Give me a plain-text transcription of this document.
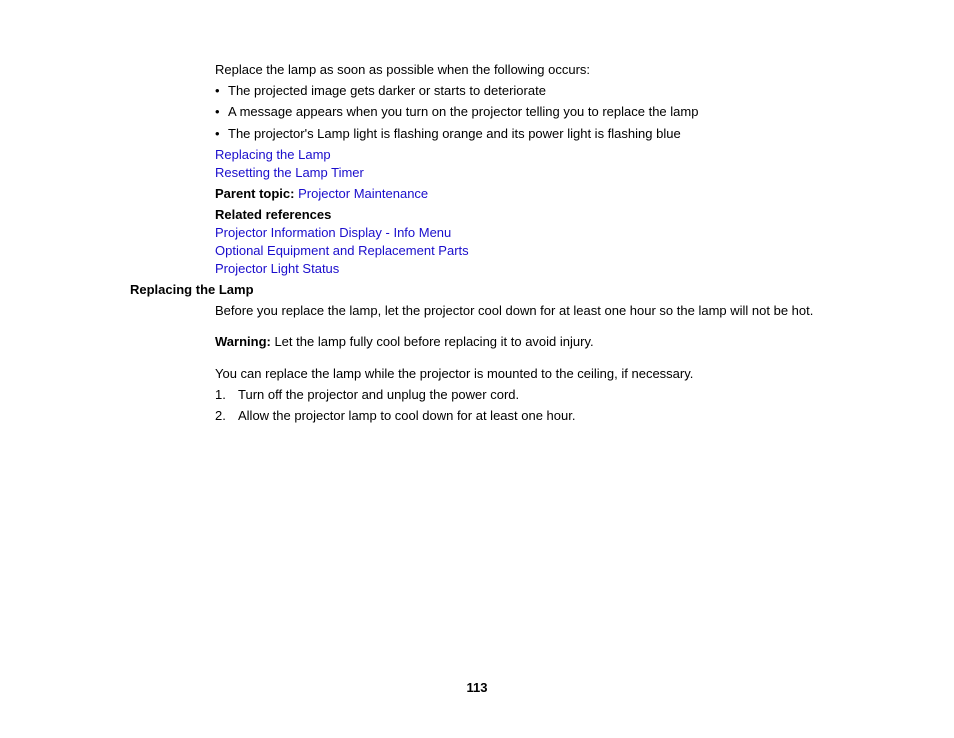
Replace the lamp as soon as possible when the following occurs:
• The projected image gets darker or starts to deteriorate
• A message appears when you turn on the projector telling you to replace the lamp
• The projector's Lamp light is flashing orange and its power light is flashing blue
Replacing the Lamp
Resetting the Lamp Timer
Parent topic: Projector Maintenance
Related references
Projector Information Display - Info Menu
Optional Equipment and Replacement Parts
Projector Light Status
Replacing the Lamp
Before you replace the lamp, let the projector cool down for at least one hour so the lamp will not be hot.
Warning: Let the lamp fully cool before replacing it to avoid injury.
You can replace the lamp while the projector is mounted to the ceiling, if necessary.
1. Turn off the projector and unplug the power cord.
2. Allow the projector lamp to cool down for at least one hour.
113
